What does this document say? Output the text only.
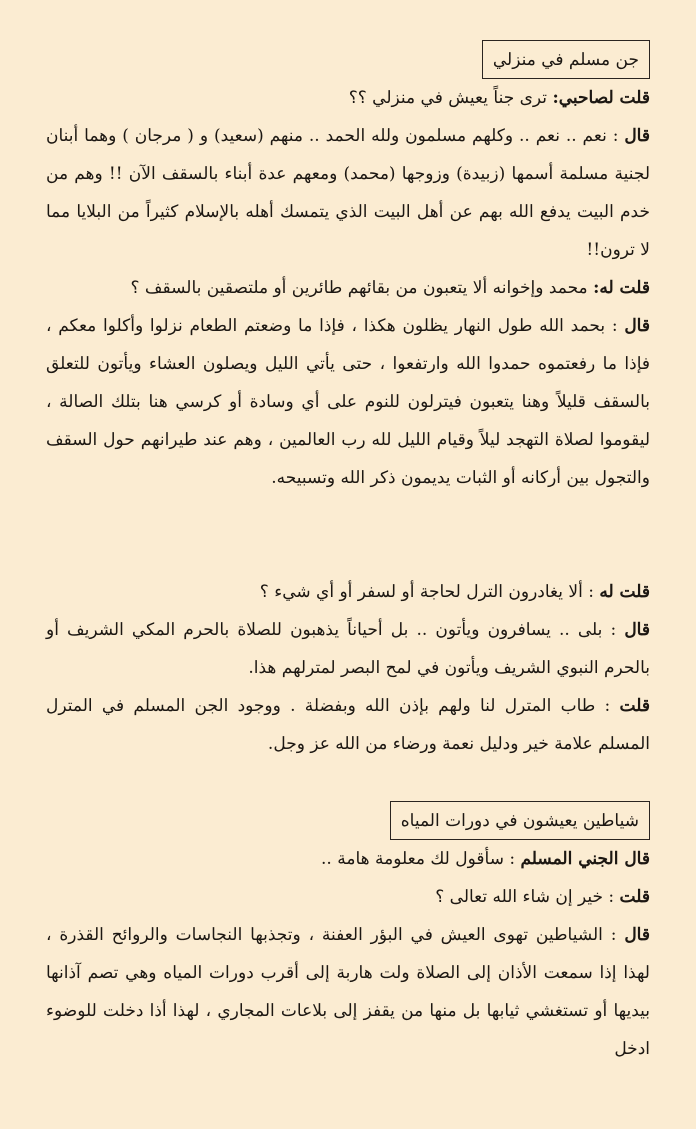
جن مسلم في منزلي

قلت لصاحبي: ترى جناً يعيش في منزلي ؟؟

قال : نعم .. نعم .. وكلهم مسلمون ولله الحمد .. منهم (سعيد) و ( مرجان ) وهما أبنان لجنية مسلمة أسمها (زبيدة) وزوجها (محمد) ومعهم عدة أبناء بالسقف الآن !! وهم من خدم البيت يدفع الله بهم عن أهل البيت الذي يتمسك أهله بالإسلام كثيراً من البلايا مما لا ترون!!

قلت له: محمد وإخوانه ألا يتعبون من بقائهم طائرين أو ملتصقين بالسقف ؟

قال : بحمد الله طول النهار يظلون هكذا ، فإذا ما وضعتم الطعام نزلوا وأكلوا معكم ، فإذا ما رفعتموه حمدوا الله وارتفعوا ، حتى يأتي الليل ويصلون العشاء ويأتون للتعلق بالسقف قليلاً وهنا يتعبون فيترلون للنوم على أي وسادة أو كرسي هنا بتلك الصالة ، ليقوموا لصلاة التهجد ليلاً وقيام الليل لله رب العالمين ، وهم عند طيرانهم حول السقف والتجول بين أركانه أو الثبات يديمون ذكر الله وتسبيحه.

قلت له : ألا يغادرون الترل لحاجة أو لسفر أو أي شيء ؟

قال : بلى .. يسافرون ويأتون .. بل أحياناً يذهبون للصلاة بالحرم المكي الشريف أو بالحرم النبوي الشريف ويأتون في لمح البصر لمترلهم هذا.

قلت : طاب المترل لنا ولهم بإذن الله وبفضلة . ووجود الجن المسلم في المترل المسلم علامة خير ودليل نعمة ورضاء من الله عز وجل.

شياطين يعيشون في دورات المياه

قال الجني المسلم : سأقول لك معلومة هامة ..

قلت : خير إن شاء الله تعالى ؟

قال : الشياطين تهوى العيش في البؤر العفنة ، وتجذبها النجاسات والروائح القذرة ، لهذا إذا سمعت الأذان إلى الصلاة ولت هاربة إلى أقرب دورات المياه وهي تصم آذانها بيديها أو تستغشي ثيابها بل منها من يقفز إلى بلاعات المجاري ، لهذا أذا دخلت للوضوء ادخل
